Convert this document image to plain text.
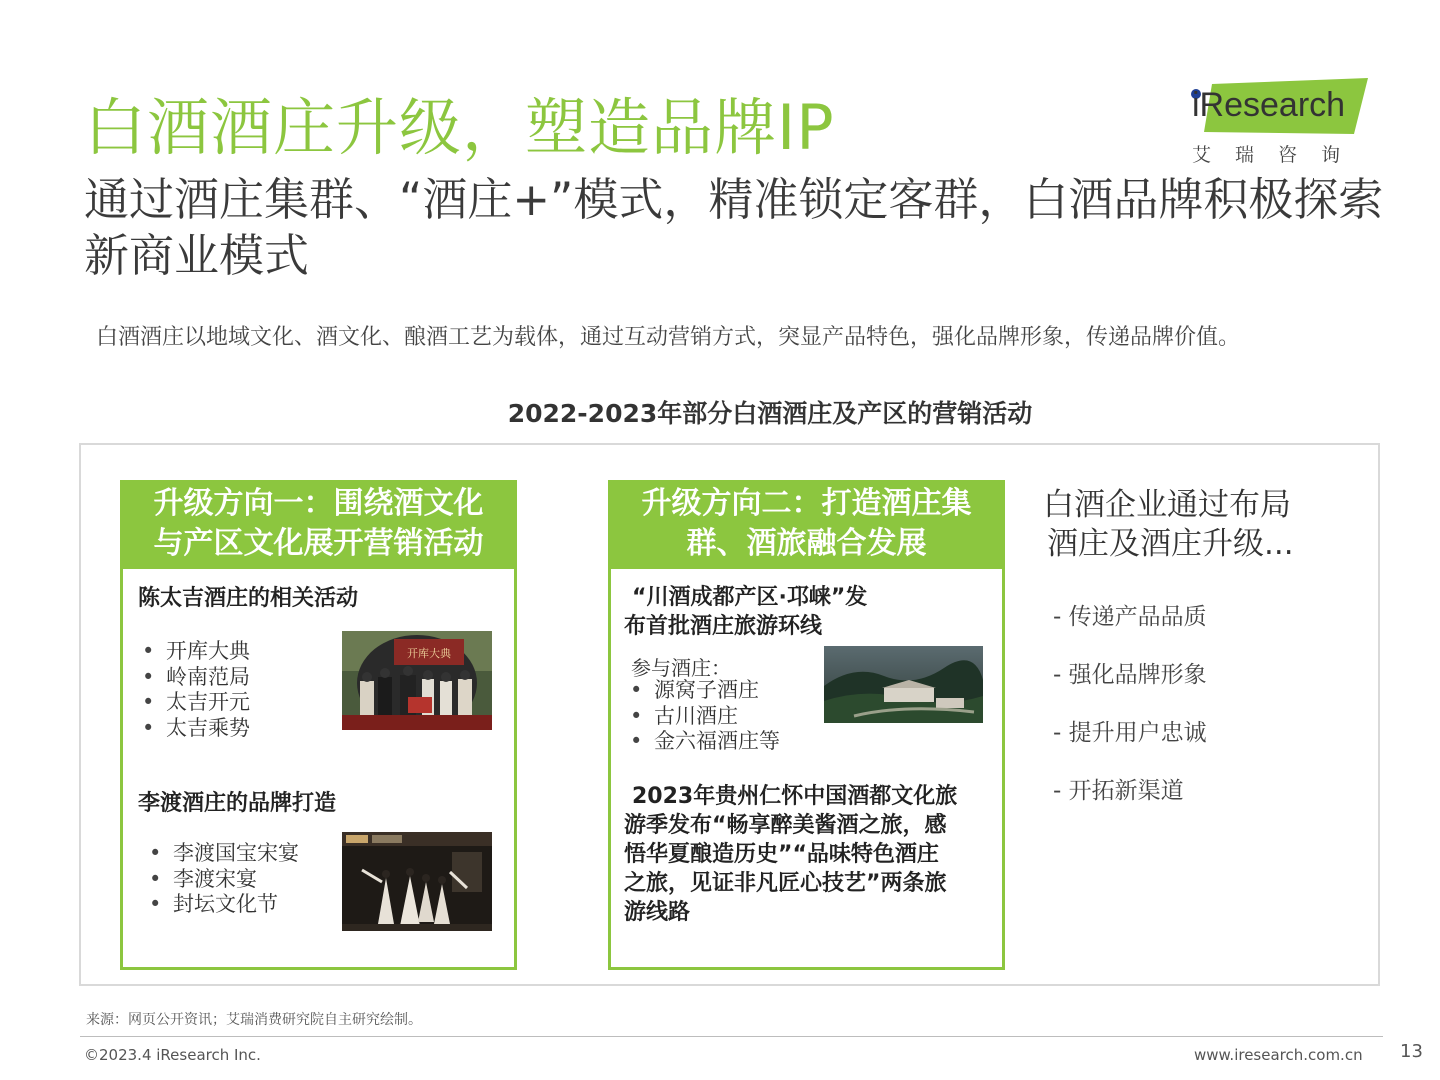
白酒酒庄升级，塑造品牌IP	iResearch
艾瑞咨询
通过酒庄集群、“酒庄+”模式，精准锁定客群，白酒品牌积极探索新商业模式
白酒酒庄以地域文化、酒文化、酿酒工艺为载体，通过互动营销方式，突显产品特色，强化品牌形象，传递品牌价值。
2022-2023年部分白酒酒庄及产区的营销活动
升级方向一：围绕酒文化
与产区文化展开营销活动
陈太吉酒庄的相关活动
• 开库大典
• 岭南范局
• 太吉开元
• 太吉乘势
开库大典
李渡酒庄的品牌打造
• 李渡国宝宋宴
• 李渡宋宴
• 封坛文化节
升级方向二：打造酒庄集
群、酒旅融合发展
“川酒成都产区·邛崃”发
布首批酒庄旅游环线
参与酒庄：
• 源窝子酒庄
• 古川酒庄
• 金六福酒庄等
2023年贵州仁怀中国酒都文化旅
游季发布“畅享醉美酱酒之旅，感
悟华夏酿造历史”“品味特色酒庄
之旅，见证非凡匠心技艺”两条旅
游线路
白酒企业通过布局
酒庄及酒庄升级...
- 传递产品品质
- 强化品牌形象
- 提升用户忠诚
- 开拓新渠道
来源：网页公开资讯；艾瑞消费研究院自主研究绘制。
©2023.4 iResearch Inc.	www.iresearch.com.cn 13
